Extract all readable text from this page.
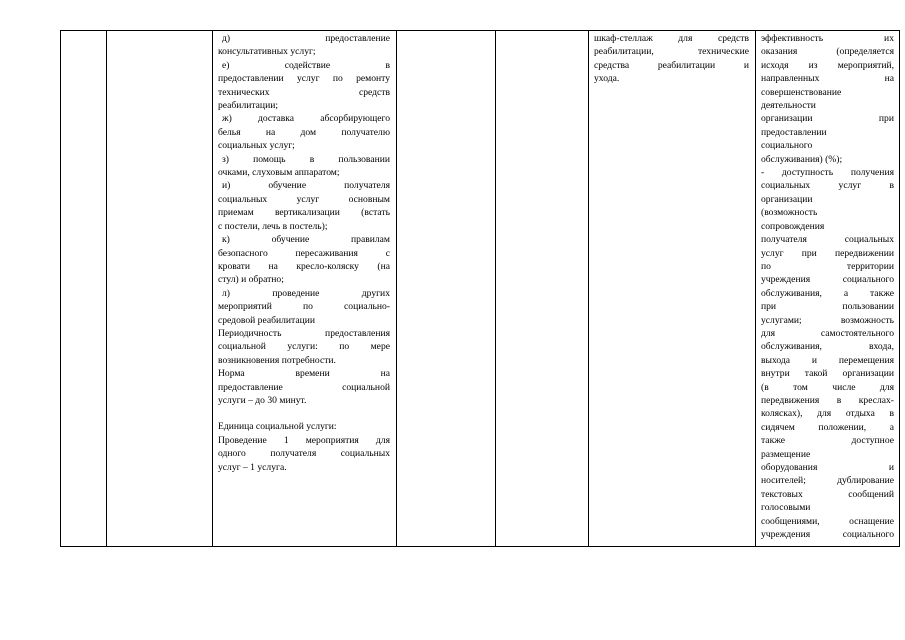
д) предоставление

консультативных услуг;

е) содействие в

предоставлении услуг по ремонту

технических средств

реабилитации;

ж) доставка абсорбирующего

белья на дом получателю

социальных услуг;

з) помощь в пользовании

очками, слуховым аппаратом;

и) обучение получателя

социальных услуг основным

приемам вертикализации (встать

с постели, лечь в постель);

к) обучение правилам

безопасного пересаживания с

кровати на кресло-коляску (на

стул) и обратно;

л) проведение других

мероприятий по социально-

средовой реабилитации

Периодичность предоставления

социальной услуги: по мере

возникновения потребности.

Норма времени на

предоставление социальной

услуги – до 30 минут.

Единица социальной услуги:

Проведение 1 мероприятия для

одного получателя социальных

услуг – 1 услуга.

шкаф-стеллаж для средств

реабилитации, технические

средства реабилитации и

ухода.

эффективность их

оказания (определяется

исходя из мероприятий,

направленных на

совершенствование

деятельности

организации при

предоставлении

социального

обслуживания) (%);

- доступность получения

социальных услуг в

организации

(возможность

сопровождения

получателя социальных

услуг при передвижении

по территории

учреждения социального

обслуживания, а также

при пользовании

услугами; возможность

для самостоятельного

обслуживания, входа,

выхода и перемещения

внутри такой организации

(в том числе для

передвижения в креслах-

колясках), для отдыха в

сидячем положении, а

также доступное

размещение

оборудования и

носителей; дублирование

текстовых сообщений

голосовыми

сообщениями, оснащение

учреждения социального
